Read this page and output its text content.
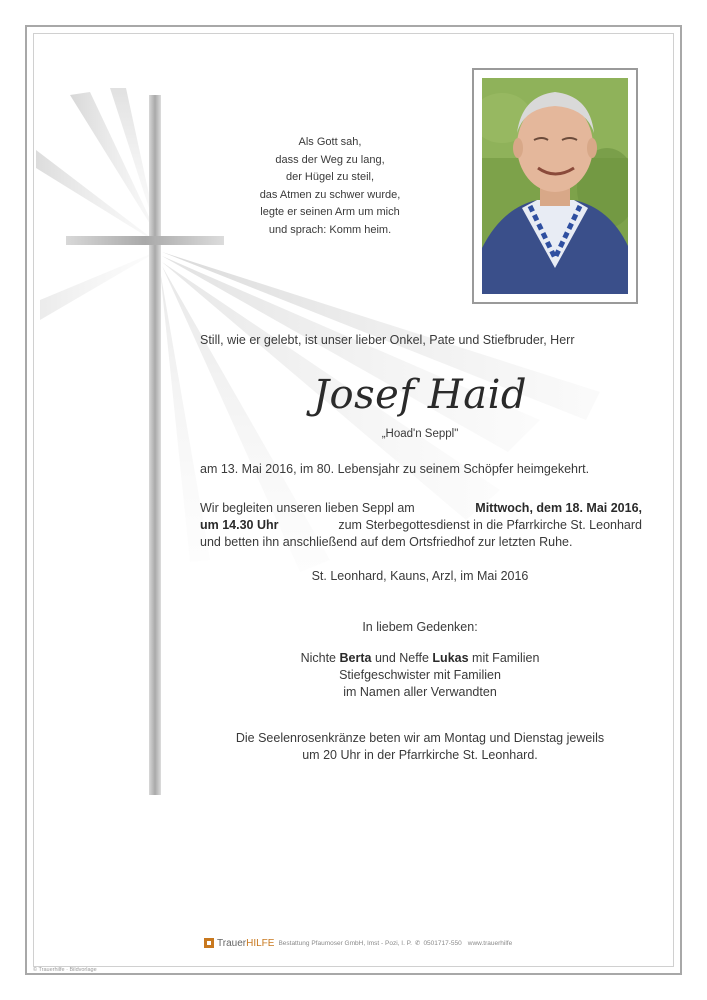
Als Gott sah,
dass der Weg zu lang,
der Hügel zu steil,
das Atmen zu schwer wurde,
legte er seinen Arm um mich
und sprach: Komm heim.
Still, wie er gelebt, ist unser lieber Onkel, Pate und Stiefbruder, Herr
Josef Haid
„Hoad'n Seppl"
am 13. Mai 2016, im 80. Lebensjahr zu seinem Schöpfer heimgekehrt.
Wir begleiten unseren lieben Seppl am	Mittwoch, dem 18. Mai 2016,
um 14.30 Uhr	zum Sterbegottesdienst in die Pfarrkirche St. Leonhard
und betten ihn anschließend auf dem Ortsfriedhof zur letzten Ruhe.
St. Leonhard, Kauns, Arzl, im Mai 2016
In liebem Gedenken:
Nichte Berta und Neffe Lukas mit Familien
Stiefgeschwister mit Familien
im Namen aller Verwandten
Die Seelenrosenkränze beten wir am Montag und Dienstag jeweils
um 20 Uhr in der Pfarrkirche St. Leonhard.
TrauerHILFE Bestattung Pfaumoser GmbH, Imst - Pozi, I. P. ✆ 0501717-550 www.trauerhilfe
© Trauerhilfe · Bildvorlage
